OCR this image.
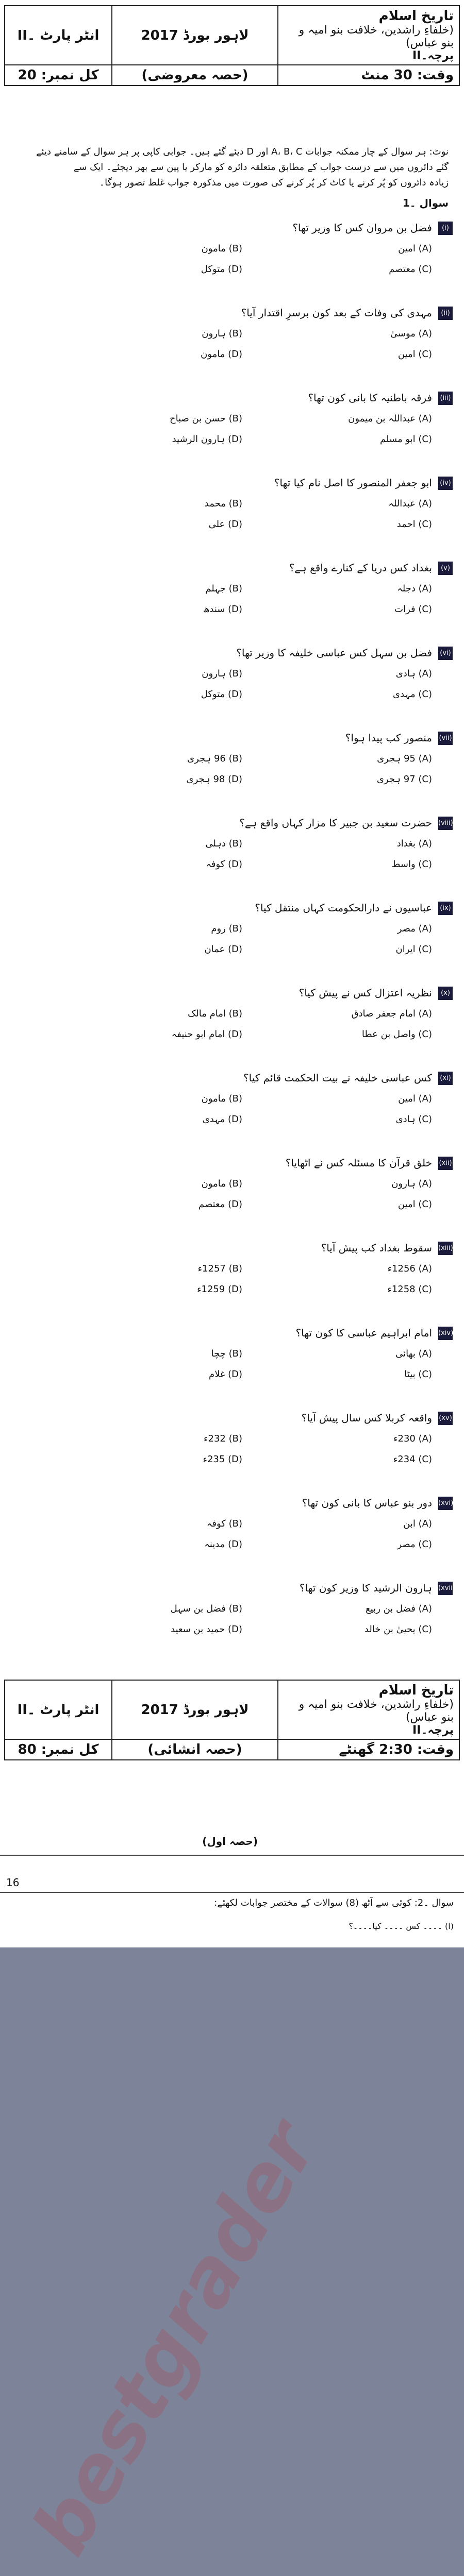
تاریخ اسلام
(خلفاءِ راشدین، خلافت بنو امیہ و بنو عباس)
پرچہ۔II	لاہور بورڈ 2017	انٹر پارٹ ۔II
وقت: 30 منٹ	(حصہ معروضی)	کل نمبر: 20
نوٹ: ہر سوال کے چار ممکنہ جوابات A، B، C اور D دیئے گئے ہیں۔ جوابی کاپی پر ہر سوال کے سامنے دیئے
گئے دائروں میں سے درست جواب کے مطابق متعلقہ دائرہ کو مارکر یا پین سے بھر دیجئے۔ ایک سے
زیادہ دائروں کو پُر کرنے یا کاٹ کر پُر کرنے کی صورت میں مذکورہ جواب غلط تصور ہوگا۔
سوال ۔1
(i)
فضل بن مروان کس کا وزیر تھا؟
(A) امین
(B) مامون
(C) معتصم
(D) متوکل
(ii)
مہدی کی وفات کے بعد کون برسرِ اقتدار آیا؟
(A) موسیٰ
(B) ہارون
(C) امین
(D) مامون
(iii)
فرقہ باطنیہ کا بانی کون تھا؟
(A) عبداللہ بن میمون
(B) حسن بن صباح
(C) ابو مسلم
(D) ہارون الرشید
(iv)
ابو جعفر المنصور کا اصل نام کیا تھا؟
(A) عبداللہ
(B) محمد
(C) احمد
(D) علی
(v)
بغداد کس دریا کے کنارے واقع ہے؟
(A) دجلہ
(B) جہلم
(C) فرات
(D) سندھ
(vi)
فضل بن سہل کس عباسی خلیفہ کا وزیر تھا؟
(A) ہادی
(B) ہارون
(C) مہدی
(D) متوکل
(vii)
منصور کب پیدا ہوا؟
(A) 95 ہجری
(B) 96 ہجری
(C) 97 ہجری
(D) 98 ہجری
(viii)
حضرت سعید بن جبیر کا مزار کہاں واقع ہے؟
(A) بغداد
(B) دہلی
(C) واسط
(D) کوفہ
(ix)
عباسیوں نے دارالحکومت کہاں منتقل کیا؟
(A) مصر
(B) روم
(C) ایران
(D) عمان
(x)
نظریہ اعتزال کس نے پیش کیا؟
(A) امام جعفر صادق
(B) امام مالک
(C) واصل بن عطا
(D) امام ابو حنیفہ
(xi)
کس عباسی خلیفہ نے بیت الحکمت قائم کیا؟
(A) امین
(B) مامون
(C) ہادی
(D) مہدی
(xii)
خلق قرآن کا مسئلہ کس نے اٹھایا؟
(A) ہارون
(B) مامون
(C) امین
(D) معتصم
(xiii)
سقوط بغداد کب پیش آیا؟
(A) 1256ء
(B) 1257ء
(C) 1258ء
(D) 1259ء
(xiv)
امام ابراہیم عباسی کا کون تھا؟
(A) بھائی
(B) چچا
(C) بیٹا
(D) غلام
(xv)
واقعہ کربلا کس سال پیش آیا؟
(A) 230ء
(B) 232ء
(C) 234ء
(D) 235ء
(xvi)
دور بنو عباس کا بانی کون تھا؟
(A) ابن
(B) کوفہ
(C) مصر
(D) مدینہ
(xvii)
ہارون الرشید کا وزیر کون تھا؟
(A) فضل بن ربیع
(B) فضل بن سہل
(C) یحییٰ بن خالد
(D) حمید بن سعید
تاریخ اسلام
(خلفاءِ راشدین، خلافت بنو امیہ و بنو عباس)
پرچہ۔II	لاہور بورڈ 2017	انٹر پارٹ ۔II
وقت: 2:30 گھنٹے	(حصہ انشائی)	کل نمبر: 80
(حصہ اول)
16
سوال ۔2: کوئی سے آٹھ (8) سوالات کے مختصر جوابات لکھئے:
(i) ۔۔۔۔ کس ۔۔۔۔ کیا۔۔۔۔؟
bestgrader
